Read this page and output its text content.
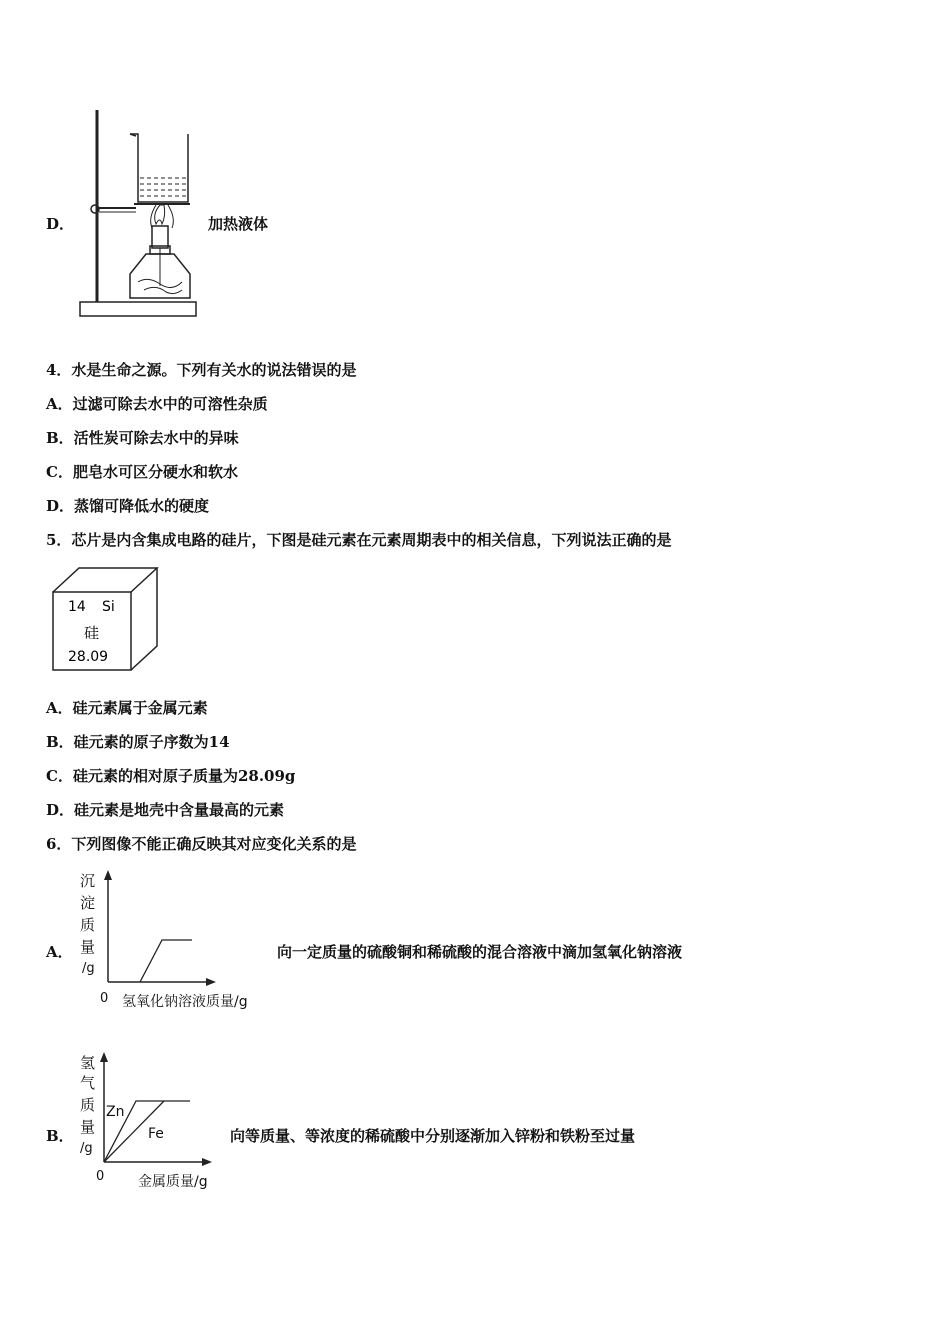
D．	加热液体
4．水是生命之源。下列有关水的说法错误的是
A．过滤可除去水中的可溶性杂质
B．活性炭可除去水中的异味
C．肥皂水可区分硬水和软水
D．蒸馏可降低水的硬度
5．芯片是内含集成电路的硅片，下图是硅元素在元素周期表中的相关信息，下列说法正确的是
14 Si
硅
28.09
A．硅元素属于金属元素
B．硅元素的原子序数为14
C．硅元素的相对原子质量为28.09g
D．硅元素是地壳中含量最高的元素
6．下列图像不能正确反映其对应变化关系的是
A．
沉
淀
质
量
/g
0 氢氧化钠溶液质量/g
向一定质量的硫酸铜和稀硫酸的混合溶液中滴加氢氧化钠溶液
B．
氢
气
质
量
/g
0 金属质量/g
Zn
Fe	向等质量、等浓度的稀硫酸中分别逐渐加入锌粉和铁粉至过量
